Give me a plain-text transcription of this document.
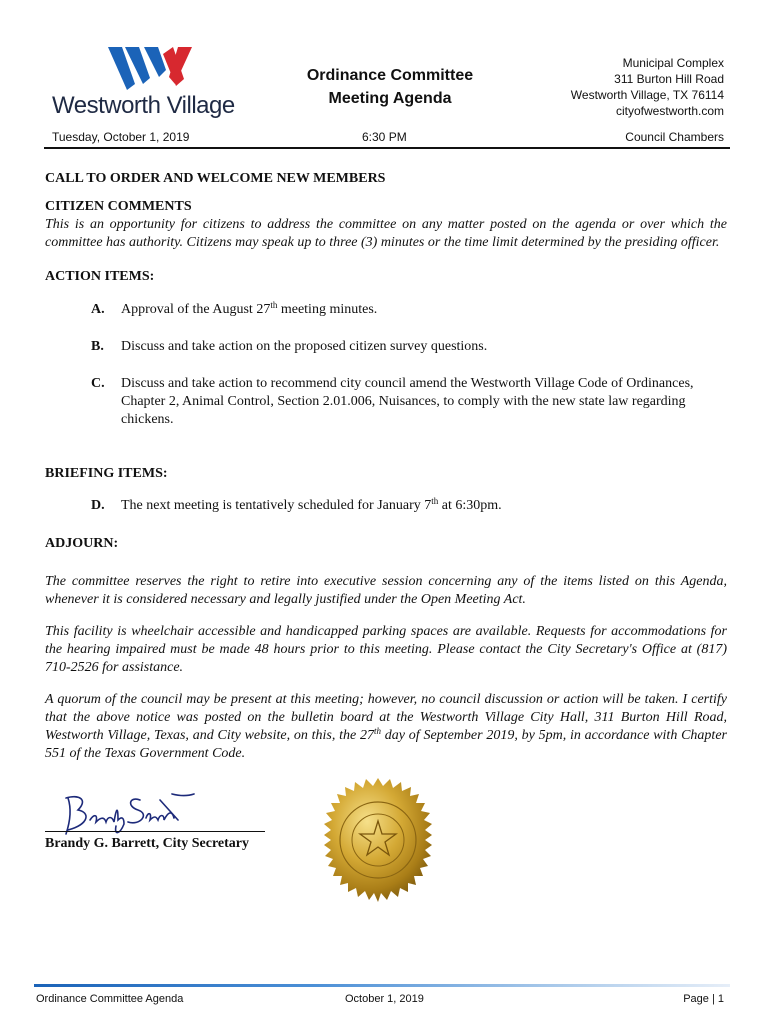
Westworth Village
Ordinance Committee
Meeting Agenda
Municipal Complex
311 Burton Hill Road
Westworth Village, TX 76114
cityofwestworth.com
Tuesday, October 1, 2019	6:30 PM	Council Chambers

CALL TO ORDER AND WELCOME NEW MEMBERS

CITIZEN COMMENTS

This is an opportunity for citizens to address the committee on any matter posted on the agenda or over which the committee has authority. Citizens may speak up to three (3) minutes or the time limit determined by the presiding officer.

ACTION ITEMS:

A. Approval of the August 27th meeting minutes.

B. Discuss and take action on the proposed citizen survey questions.

C. Discuss and take action to recommend city council amend the Westworth Village Code of Ordinances, Chapter 2, Animal Control, Section 2.01.006, Nuisances, to comply with the new state law regarding chickens.

BRIEFING ITEMS:

D. The next meeting is tentatively scheduled for January 7th at 6:30pm.

ADJOURN:

The committee reserves the right to retire into executive session concerning any of the items listed on this Agenda, whenever it is considered necessary and legally justified under the Open Meeting Act.

This facility is wheelchair accessible and handicapped parking spaces are available. Requests for accommodations for the hearing impaired must be made 48 hours prior to this meeting. Please contact the City Secretary's Office at (817) 710-2526 for assistance.

A quorum of the council may be present at this meeting; however, no council discussion or action will be taken. I certify that the above notice was posted on the bulletin board at the Westworth Village City Hall, 311 Burton Hill Road, Westworth Village, Texas, and City website, on this, the 27th day of September 2019, by 5pm, in accordance with Chapter 551 of the Texas Government Code.

Brandy G. Barrett, City Secretary
Ordinance Committee Agenda	October 1, 2019	Page | 1
